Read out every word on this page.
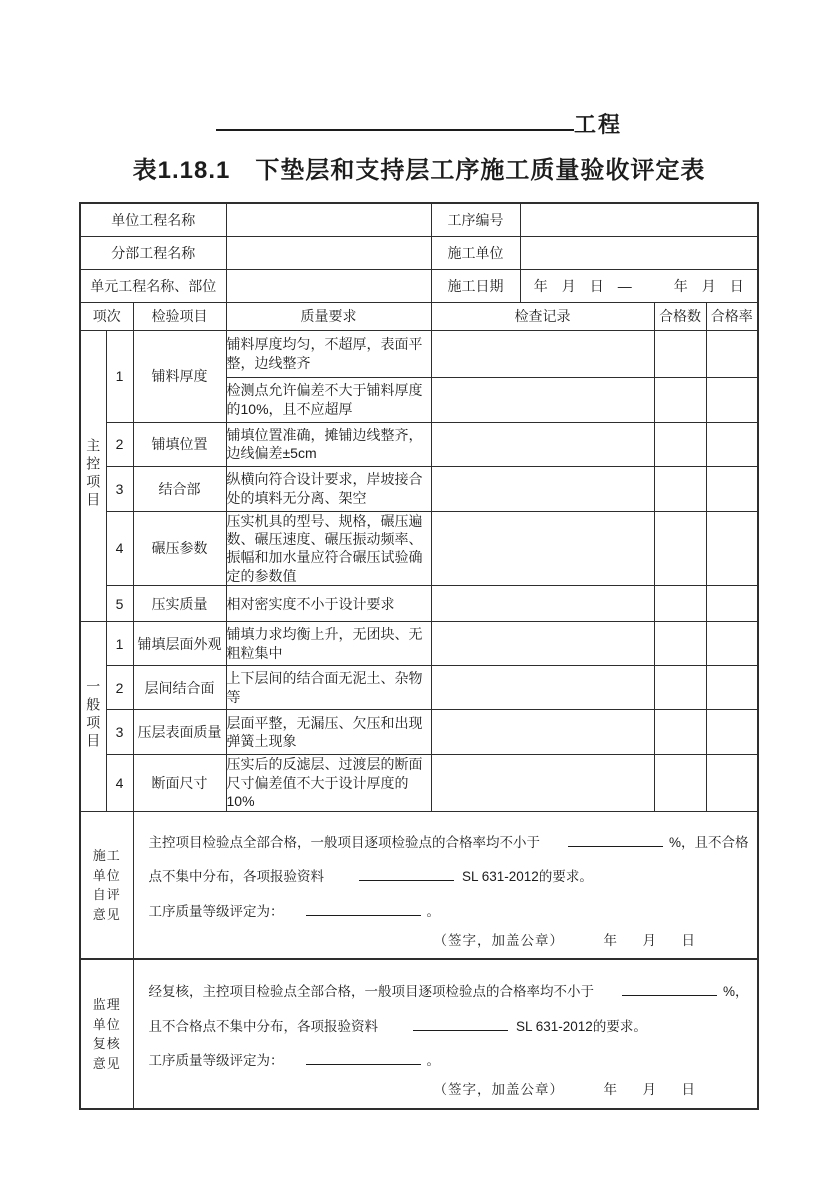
工程
表1.18.1　下垫层和支持层工序施工质量验收评定表
单位工程名称				工序编号			
分部工程名称				施工单位			
单元工程名称、部位				施工日期	年　月　日　—　　　年　月　日		
项次		检验项目	质量要求	检查记录		合格数	合格率
主控项目	1	铺料厚度	铺料厚度均匀，不超厚，表面平整，边线整齐				
			检测点允许偏差不大于铺料厚度的10%，且不应超厚				
	2	铺填位置	铺填位置准确，摊铺边线整齐，边线偏差±5cm				
	3	结合部	纵横向符合设计要求，岸坡接合处的填料无分离、架空				
	4	碾压参数	压实机具的型号、规格，碾压遍数、碾压速度、碾压振动频率、振幅和加水量应符合碾压试验确定的参数值				
	5	压实质量	相对密实度不小于设计要求				
一般项目	1	铺填层面外观	铺填力求均衡上升，无团块、无粗粒集中				
	2	层间结合面	上下层间的结合面无泥土、杂物等				
	3	压层表面质量	层面平整，无漏压、欠压和出现弹簧土现象				
	4	断面尺寸	压实后的反滤层、过渡层的断面尺寸偏差值不大于设计厚度的10%				

施工
单位
自评
意见

主控项目检验点全部合格，一般项目逐项检验点的合格率均不小于	%，且不合格

点不集中分布，各项报验资料	SL 631-2012的要求。

工序质量等级评定为：	。

（签字，加盖公章）	年　月　日

监理
单位
复核
意见

经复核，主控项目检验点全部合格，一般项目逐项检验点的合格率均不小于	%，

且不合格点不集中分布，各项报验资料	SL 631-2012的要求。

工序质量等级评定为：	。

（签字，加盖公章）	年　月　日
